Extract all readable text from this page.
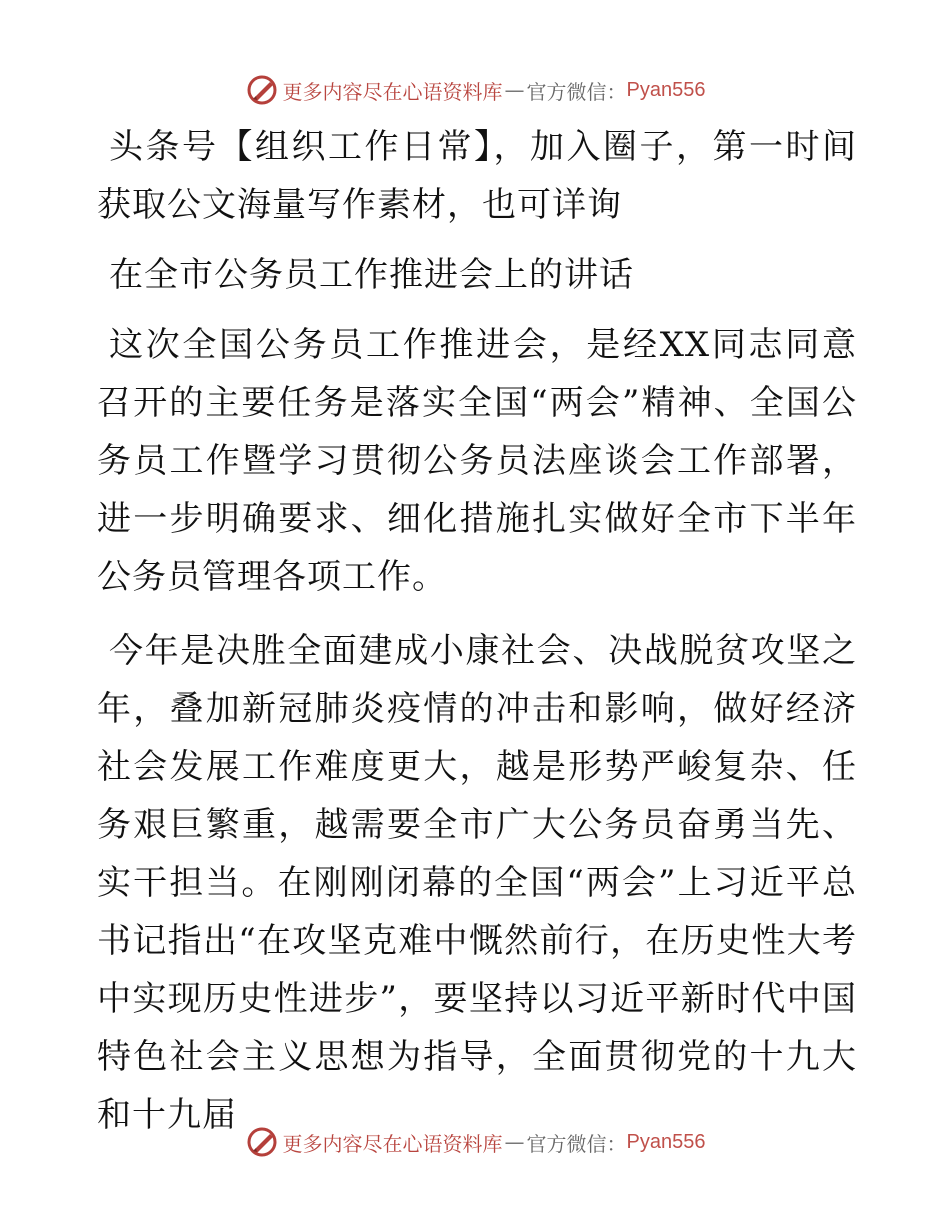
更多内容尽在心语资料库 — 官方微信： Pyan556

头条号【组织工作日常】，加入圈子，第一时间获取公文海量写作素材，也可详询

在全市公务员工作推进会上的讲话

这次全国公务员工作推进会，是经XX同志同意召开的主要任务是落实全国“两会”精神、全国公务员工作暨学习贯彻公务员法座谈会工作部署，进一步明确要求、细化措施扎实做好全市下半年公务员管理各项工作。

今年是决胜全面建成小康社会、决战脱贫攻坚之年，叠加新冠肺炎疫情的冲击和影响，做好经济社会发展工作难度更大，越是形势严峻复杂、任务艰巨繁重，越需要全市广大公务员奋勇当先、实干担当。在刚刚闭幕的全国“两会”上习近平总书记指出“在攻坚克难中慨然前行，在历史性大考中实现历史性进步”，要坚持以习近平新时代中国特色社会主义思想为指导，全面贯彻党的十九大和十九届

更多内容尽在心语资料库 — 官方微信： Pyan556
